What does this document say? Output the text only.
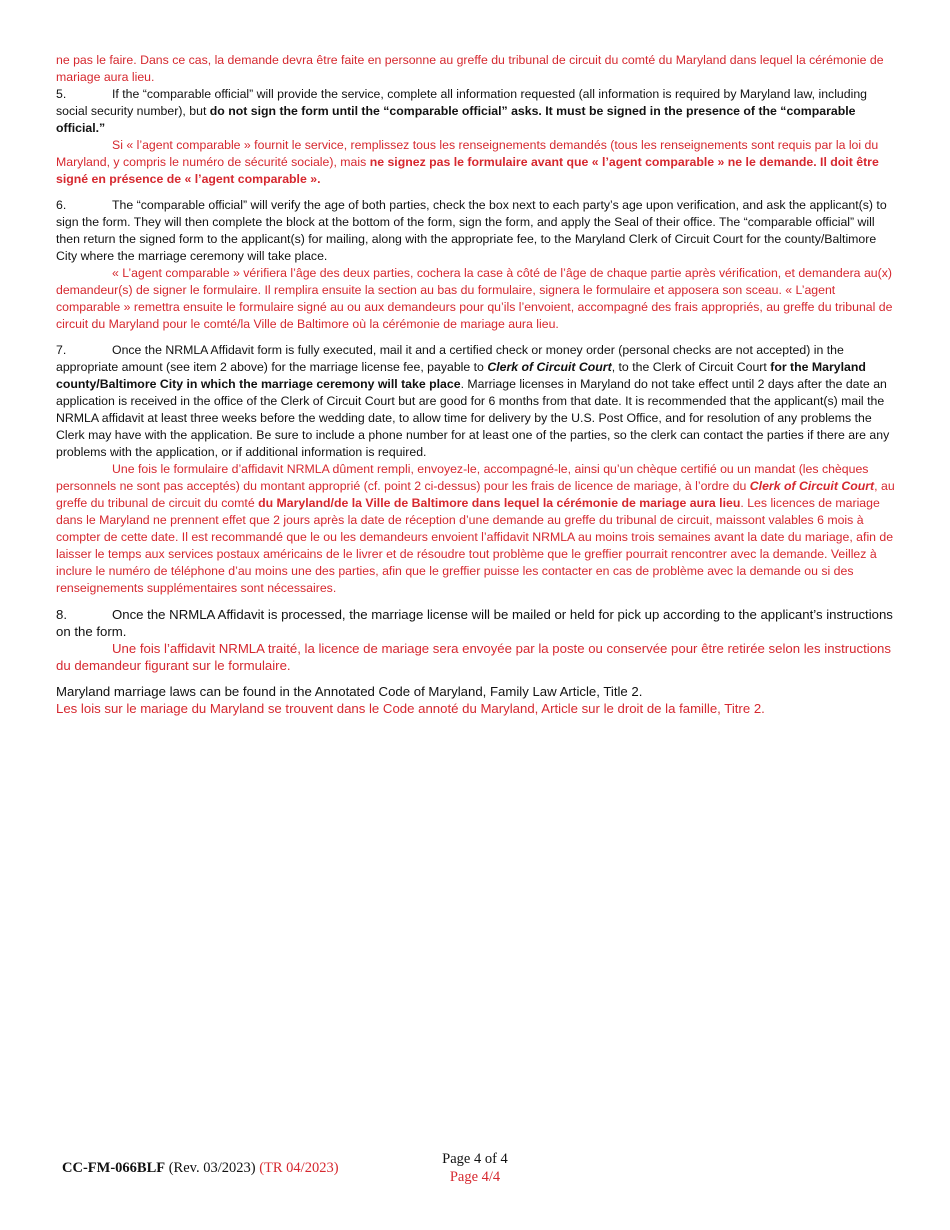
ne pas le faire. Dans ce cas, la demande devra être faite en personne au greffe du tribunal de circuit du comté du Maryland dans lequel la cérémonie de mariage aura lieu.

5.	If the “comparable official” will provide the service, complete all information requested (all information is required by Maryland law, including social security number), but do not sign the form until the “comparable official” asks. It must be signed in the presence of the “comparable official.”

Si « l’agent comparable » fournit le service, remplissez tous les renseignements demandés (tous les renseignements sont requis par la loi du Maryland, y compris le numéro de sécurité sociale), mais ne signez pas le formulaire avant que « l’agent comparable » ne le demande. Il doit être signé en présence de « l’agent comparable ».

6.	The “comparable official” will verify the age of both parties, check the box next to each party’s age upon verification, and ask the applicant(s) to sign the form. They will then complete the block at the bottom of the form, sign the form, and apply the Seal of their office. The “comparable official” will then return the signed form to the applicant(s) for mailing, along with the appropriate fee, to the Maryland Clerk of Circuit Court for the county/Baltimore City where the marriage ceremony will take place.

« L’agent comparable » vérifiera l’âge des deux parties, cochera la case à côté de l’âge de chaque partie après vérification, et demandera au(x) demandeur(s) de signer le formulaire. Il remplira ensuite la section au bas du formulaire, signera le formulaire et apposera son sceau. « L’agent comparable » remettra ensuite le formulaire signé au ou aux demandeurs pour qu’ils l’envoient, accompagné des frais appropriés, au greffe du tribunal de circuit du Maryland pour le comté/la Ville de Baltimore où la cérémonie de mariage aura lieu.

7.	Once the NRMLA Affidavit form is fully executed, mail it and a certified check or money order (personal checks are not accepted) in the appropriate amount (see item 2 above) for the marriage license fee, payable to Clerk of Circuit Court, to the Clerk of Circuit Court for the Maryland county/Baltimore City in which the marriage ceremony will take place. Marriage licenses in Maryland do not take effect until 2 days after the date an application is received in the office of the Clerk of Circuit Court but are good for 6 months from that date. It is recommended that the applicant(s) mail the NRMLA affidavit at least three weeks before the wedding date, to allow time for delivery by the U.S. Post Office, and for resolution of any problems the Clerk may have with the application. Be sure to include a phone number for at least one of the parties, so the clerk can contact the parties if there are any problems with the application, or if additional information is required.

Une fois le formulaire d’affidavit NRMLA dûment rempli, envoyez-le, accompagné-le, ainsi qu’un chèque certifié ou un mandat (les chèques personnels ne sont pas acceptés) du montant approprié (cf. point 2 ci-dessus) pour les frais de licence de mariage, à l’ordre du Clerk of Circuit Court, au greffe du tribunal de circuit du comté du Maryland/de la Ville de Baltimore dans lequel la cérémonie de mariage aura lieu. Les licences de mariage dans le Maryland ne prennent effet que 2 jours après la date de réception d’une demande au greffe du tribunal de circuit, maissont valables 6 mois à compter de cette date. Il est recommandé que le ou les demandeurs envoient l’affidavit NRMLA au moins trois semaines avant la date du mariage, afin de laisser le temps aux services postaux américains de le livrer et de résoudre tout problème que le greffier pourrait rencontrer avec la demande. Veillez à inclure le numéro de téléphone d’au moins une des parties, afin que le greffier puisse les contacter en cas de problème avec la demande ou si des renseignements supplémentaires sont nécessaires.

8.	Once the NRMLA Affidavit is processed, the marriage license will be mailed or held for pick up according to the applicant’s instructions on the form.

Une fois l’affidavit NRMLA traité, la licence de mariage sera envoyée par la poste ou conservée pour être retirée selon les instructions du demandeur figurant sur le formulaire.

Maryland marriage laws can be found in the Annotated Code of Maryland, Family Law Article, Title 2.

Les lois sur le mariage du Maryland se trouvent dans le Code annoté du Maryland, Article sur le droit de la famille, Titre 2.

CC-FM-066BLF (Rev. 03/2023) (TR 04/2023)
Page 4 of 4
Page 4/4
